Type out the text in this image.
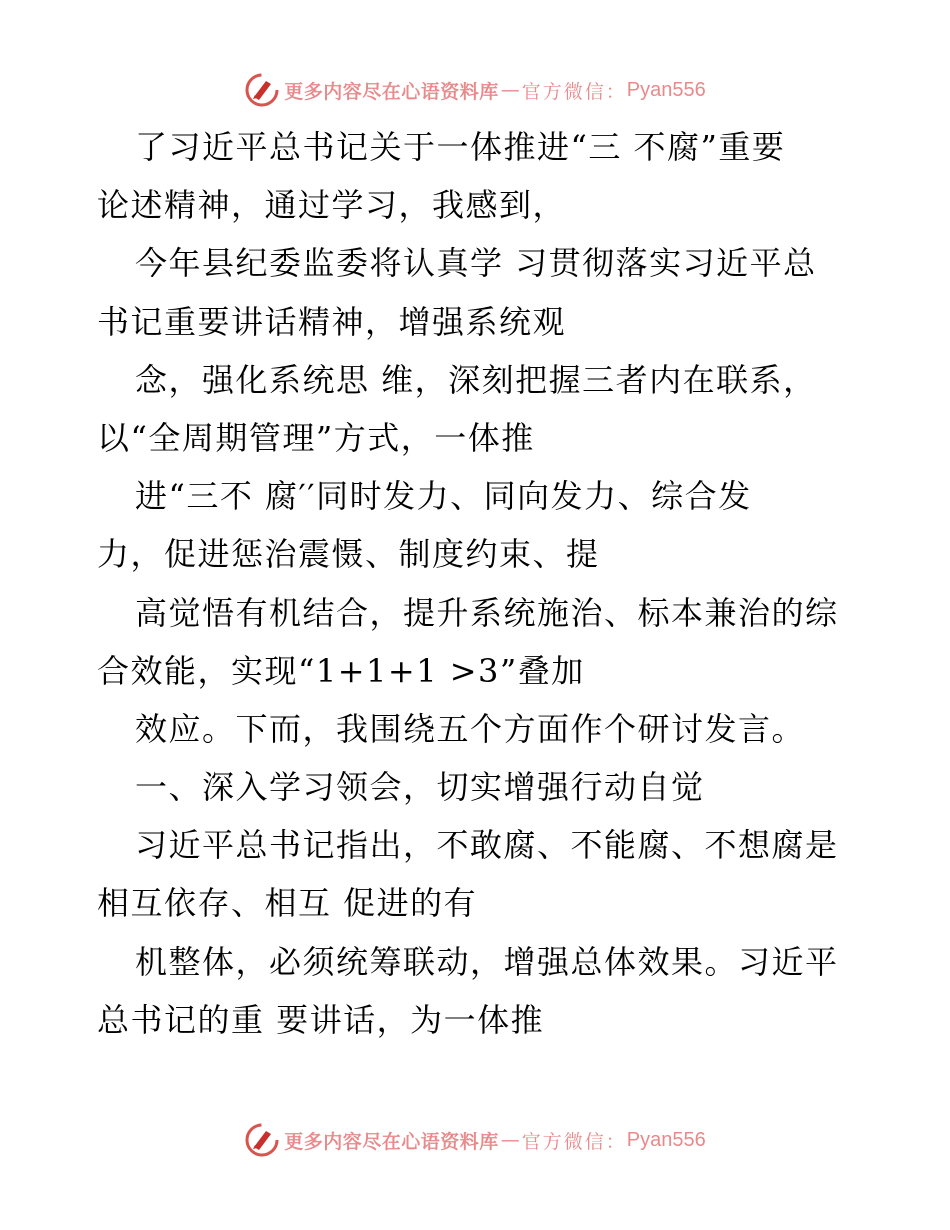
更多内容尽在心语资料库 — 官方微信： Pyan556
了习近平总书记关于一体推进“三 不腐”重要
论述精神，通过学习，我感到，
今年县纪委监委将认真学 习贯彻落实习近平总
书记重要讲话精神，增强系统观
念，强化系统思 维，深刻把握三者内在联系，
以“全周期管理”方式，一体推
进“三不 腐′′同时发力、同向发力、综合发
力，促进惩治震慑、制度约束、提
高觉悟有机结合，提升系统施治、标本兼治的综
合效能，实现“1+1+1 >3”叠加
效应。下而，我围绕五个方面作个研讨发言。
一、深入学习领会，切实增强行动自觉
习近平总书记指出，不敢腐、不能腐、不想腐是
相互依存、相互 促进的有
机整体，必须统筹联动，增强总体效果。习近平
总书记的重 要讲话，为一体推
更多内容尽在心语资料库 — 官方微信： Pyan556
